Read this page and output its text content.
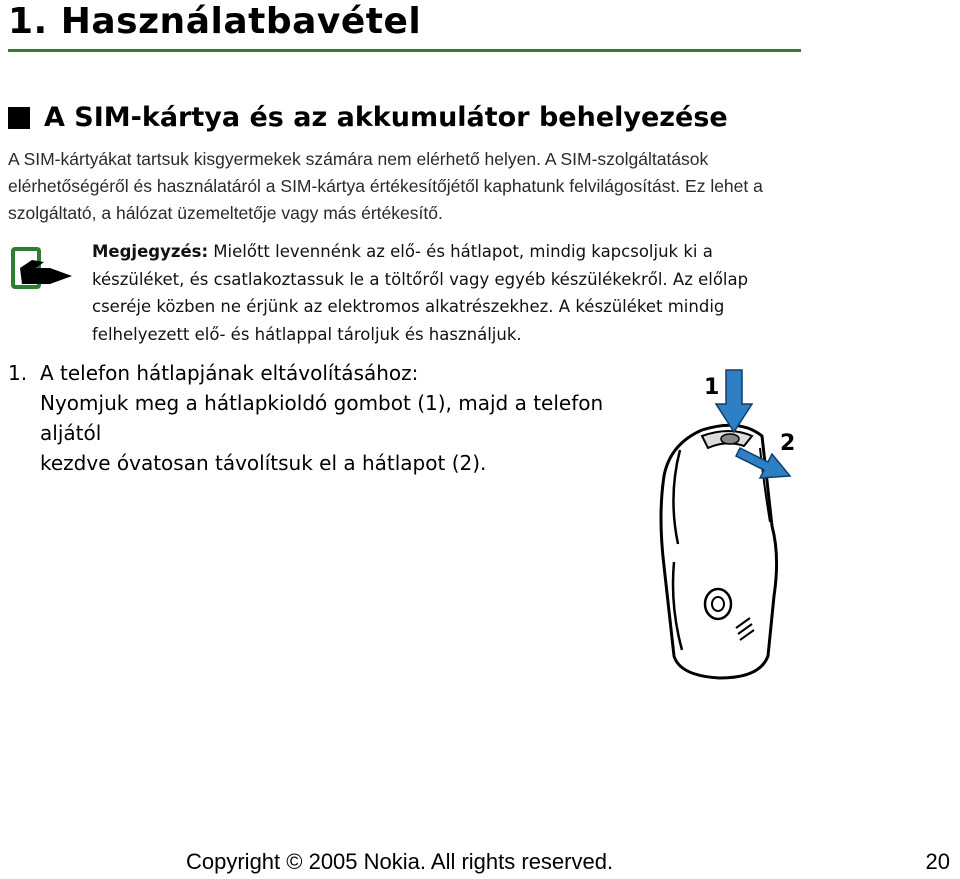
1. Használatbavétel
A SIM-kártya és az akkumulátor behelyezése

A SIM-kártyákat tartsuk kisgyermekek számára nem elérhető helyen. A SIM-szolgáltatások elérhetőségéről és használatáról a SIM-kártya értékesítőjétől kaphatunk felvilágosítást. Ez lehet a szolgáltató, a hálózat üzemeltetője vagy más értékesítő.

Megjegyzés: Mielőtt levennénk az elő- és hátlapot, mindig kapcsoljuk ki a készüléket, és csatlakoztassuk le a töltőről vagy egyéb készülékekről. Az előlap cseréje közben ne érjünk az elektromos alkatrészekhez. A készüléket mindig felhelyezett elő- és hátlappal tároljuk és használjuk.

1. A telefon hátlapjának eltávolításához:
Nyomjuk meg a hátlapkioldó gombot (1), majd a telefon aljától
kezdve óvatosan távolítsuk el a hátlapot (2).
1
2

Copyright © 2005 Nokia. All rights reserved.	20
